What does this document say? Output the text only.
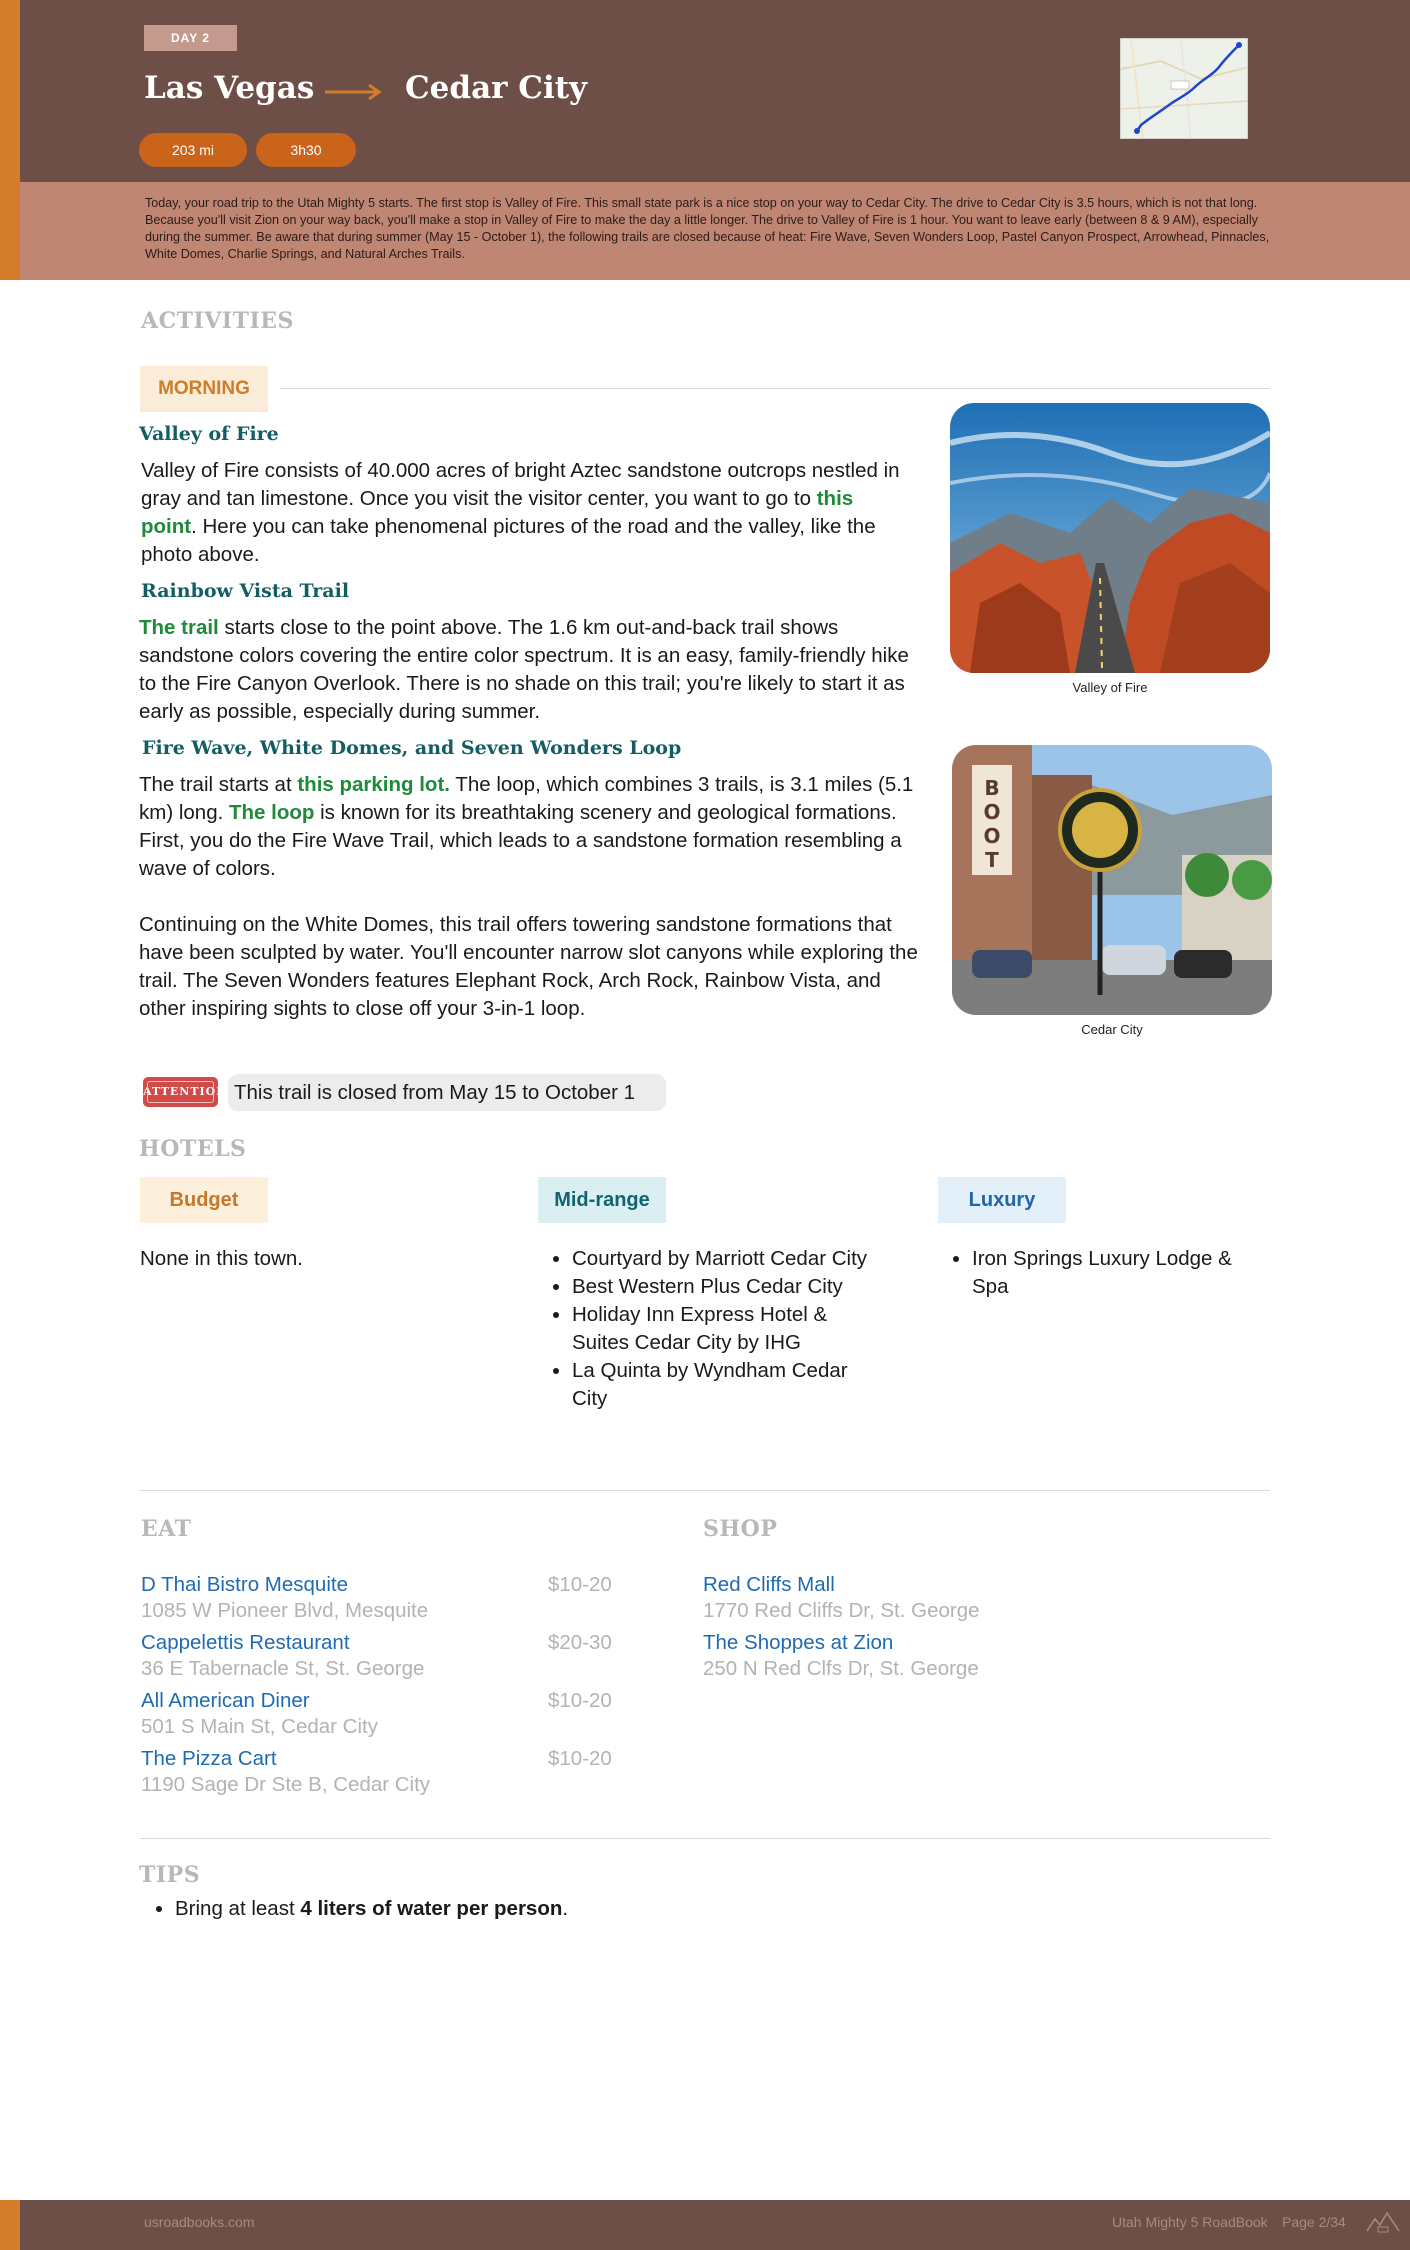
DAY 2
Las Vegas	Cedar City
203 mi	3h30

Today, your road trip to the Utah Mighty 5 starts. The first stop is Valley of Fire. This small state park is a nice stop on your way to Cedar City. The drive to Cedar City is 3.5 hours, which is not that long. Because you'll visit Zion on your way back, you'll make a stop in Valley of Fire to make the day a little longer. The drive to Valley of Fire is 1 hour. You want to leave early (between 8 & 9 AM), especially during the summer. Be aware that during summer (May 15 - October 1), the following trails are closed because of heat: Fire Wave, Seven Wonders Loop, Pastel Canyon Prospect, Arrowhead, Pinnacles, White Domes, Charlie Springs, and Natural Arches Trails.

ACTIVITIES
MORNING
Valley of Fire
Valley of Fire consists of 40.000 acres of bright Aztec sandstone outcrops nestled in gray and tan limestone. Once you visit the visitor center, you want to go to this point. Here you can take phenomenal pictures of the road and the valley, like the photo above.
Rainbow Vista Trail
The trail starts close to the point above. The 1.6 km out-and-back trail shows sandstone colors covering the entire color spectrum. It is an easy, family-friendly hike to the Fire Canyon Overlook. There is no shade on this trail; you're likely to start it as early as possible, especially during summer.
Fire Wave, White Domes, and Seven Wonders Loop
The trail starts at this parking lot. The loop, which combines 3 trails, is 3.1 miles (5.1 km) long. The loop is known for its breathtaking scenery and geological formations. First, you do the Fire Wave Trail, which leads to a sandstone formation resembling a wave of colors.
Continuing on the White Domes, this trail offers towering sandstone formations that have been sculpted by water. You'll encounter narrow slot canyons while exploring the trail. The Seven Wonders features Elephant Rock, Arch Rock, Rainbow Vista, and other inspiring sights to close off your 3-in-1 loop.
Valley of Fire
B
O
O
T
Cedar City
ATTENTION This trail is closed from May 15 to October 1
HOTELS
Budget	Mid-range	Luxury
None in this town.
•	Courtyard by Marriott Cedar City
• Best Western Plus Cedar City
• Holiday Inn Express Hotel & Suites Cedar City by IHG
• La Quinta by Wyndham Cedar City
• Iron Springs Luxury Lodge & Spa
EAT
D Thai Bistro Mesquite
1085 W Pioneer Blvd, Mesquite
$10-20
Cappelettis Restaurant
36 E Tabernacle St, St. George
$20-30
All American Diner
501 S Main St, Cedar City
$10-20
The Pizza Cart
1190 Sage Dr Ste B, Cedar City
$10-20
SHOP
Red Cliffs Mall
1770 Red Cliffs Dr, St. George
The Shoppes at Zion
250 N Red Clfs Dr, St. George
TIPS
• Bring at least 4 liters of water per person.
usroadbooks.com	Utah Mighty 5 RoadBook Page 2/34
